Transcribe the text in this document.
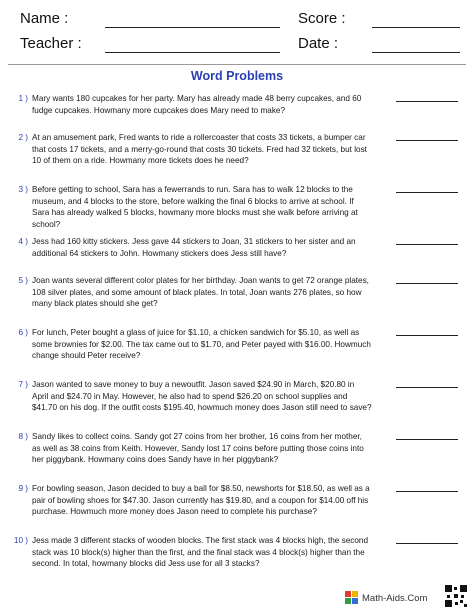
Name :	Score :
Teacher :	Date :
Word Problems
1 ) Mary wants 180 cupcakes for her party. Mary has already made 48 berry cupcakes, and 60 fudge cupcakes. Howmany more cupcakes does Mary need to make?
2 ) At an amusement park, Fred wants to ride a rollercoaster that costs 33 tickets, a bumper car that costs 17 tickets, and a merry-go-round that costs 30 tickets. Fred had 32 tickets, but lost 10 of them on a ride. Howmany more tickets does he need?
3 ) Before getting to school, Sara has a fewerrands to run. Sara has to walk 12 blocks to the museum, and 4 blocks to the store, before walking the final 6 blocks to arrive at school. If Sara has already walked 5 blocks, howmany more blocks must she walk before arriving at school?
4 ) Jess had 160 kitty stickers. Jess gave 44 stickers to Joan, 31 stickers to her sister and an additional 64 stickers to John. Howmany stickers does Jess still have?
5 ) Joan wants several different color plates for her birthday. Joan wants to get 72 orange plates, 108 silver plates, and some amount of black plates. In total, Joan wants 276 plates, so how many black plates should she get?
6 ) For lunch, Peter bought a glass of juice for $1.10, a chicken sandwich for $5.10, as well as some brownies for $2.00. The tax came out to $1.70, and Peter payed with $16.00. Howmuch change should Peter receive?
7 ) Jason wanted to save money to buy a newoutfit. Jason saved $24.90 in March, $20.80 in April and $24.70 in May. However, he also had to spend $26.20 on school supplies and $41.70 on his dog. If the outfit costs $195.40, howmuch money does Jason still need to save?
8 ) Sandy likes to collect coins. Sandy got 27 coins from her brother, 16 coins from her mother, as well as 38 coins from Keith. However, Sandy lost 17 coins before putting those coins into her piggybank. Howmany coins does Sandy have in her piggybank?
9 ) For bowling season, Jason decided to buy a ball for $8.50, newshorts for $18.50, as well as a pair of bowling shoes for $47.30. Jason currently has $19.80, and a coupon for $14.00 off his purchase. Howmuch more money does Jason need to complete his purchase?
10 ) Jess made 3 different stacks of wooden blocks. The first stack was 4 blocks high, the second stack was 10 block(s) higher than the first, and the final stack was 4 block(s) higher than the second. In total, howmany blocks did Jess use for all 3 stacks?
Math-Aids.Com
